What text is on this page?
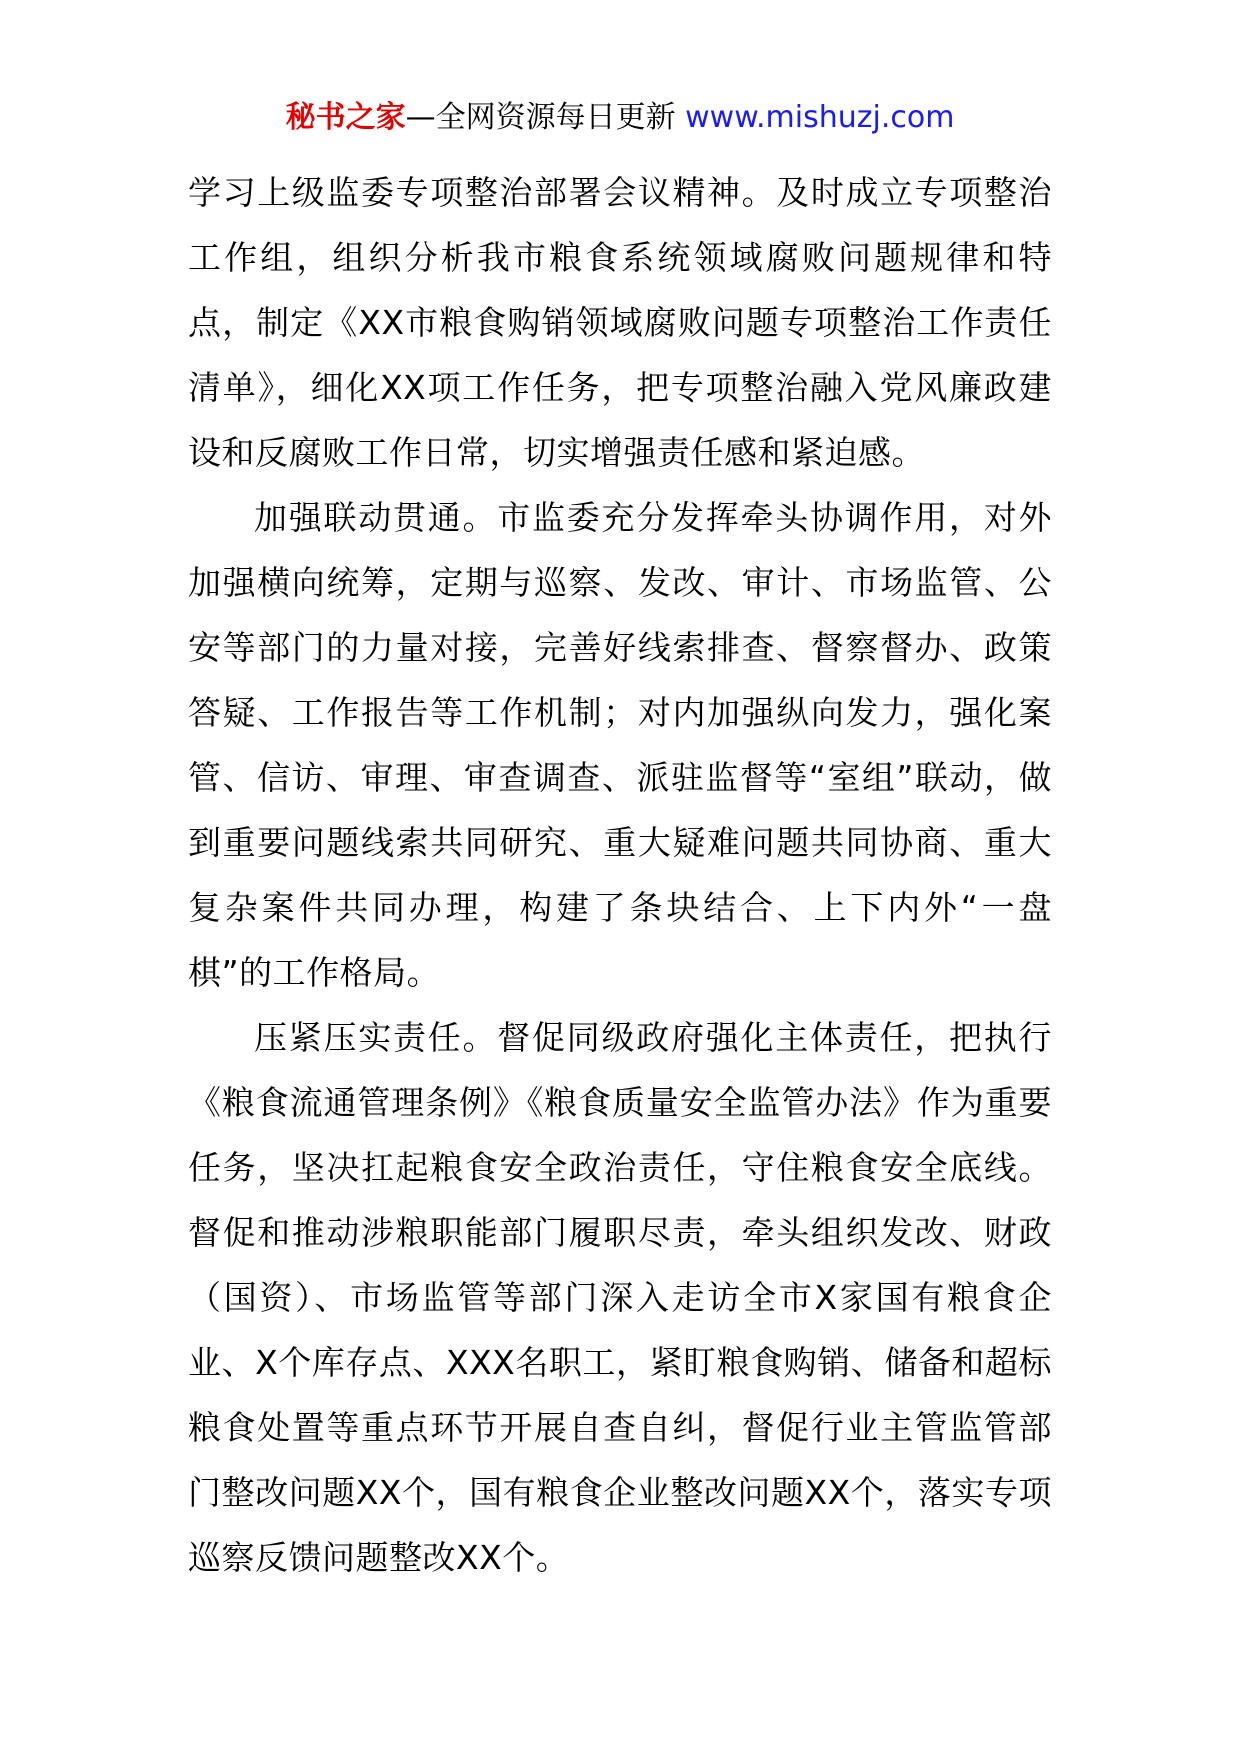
秘书之家—全网资源每日更新 www.mishuzj.com

学习上级监委专项整治部署会议精神。及时成立专项整治工作组，组织分析我市粮食系统领域腐败问题规律和特点，制定《XX市粮食购销领域腐败问题专项整治工作责任清单》，细化XX项工作任务，把专项整治融入党风廉政建设和反腐败工作日常，切实增强责任感和紧迫感。

加强联动贯通。市监委充分发挥牵头协调作用，对外加强横向统筹，定期与巡察、发改、审计、市场监管、公安等部门的力量对接，完善好线索排查、督察督办、政策答疑、工作报告等工作机制；对内加强纵向发力，强化案管、信访、审理、审查调查、派驻监督等“室组”联动，做到重要问题线索共同研究、重大疑难问题共同协商、重大复杂案件共同办理，构建了条块结合、上下内外“一盘棋”的工作格局。

压紧压实责任。督促同级政府强化主体责任，把执行《粮食流通管理条例》《粮食质量安全监管办法》作为重要任务，坚决扛起粮食安全政治责任，守住粮食安全底线。督促和推动涉粮职能部门履职尽责，牵头组织发改、财政（国资）、市场监管等部门深入走访全市X家国有粮食企业、X个库存点、XXX名职工，紧盯粮食购销、储备和超标粮食处置等重点环节开展自查自纠，督促行业主管监管部门整改问题XX个，国有粮食企业整改问题XX个，落实专项巡察反馈问题整改XX个。
